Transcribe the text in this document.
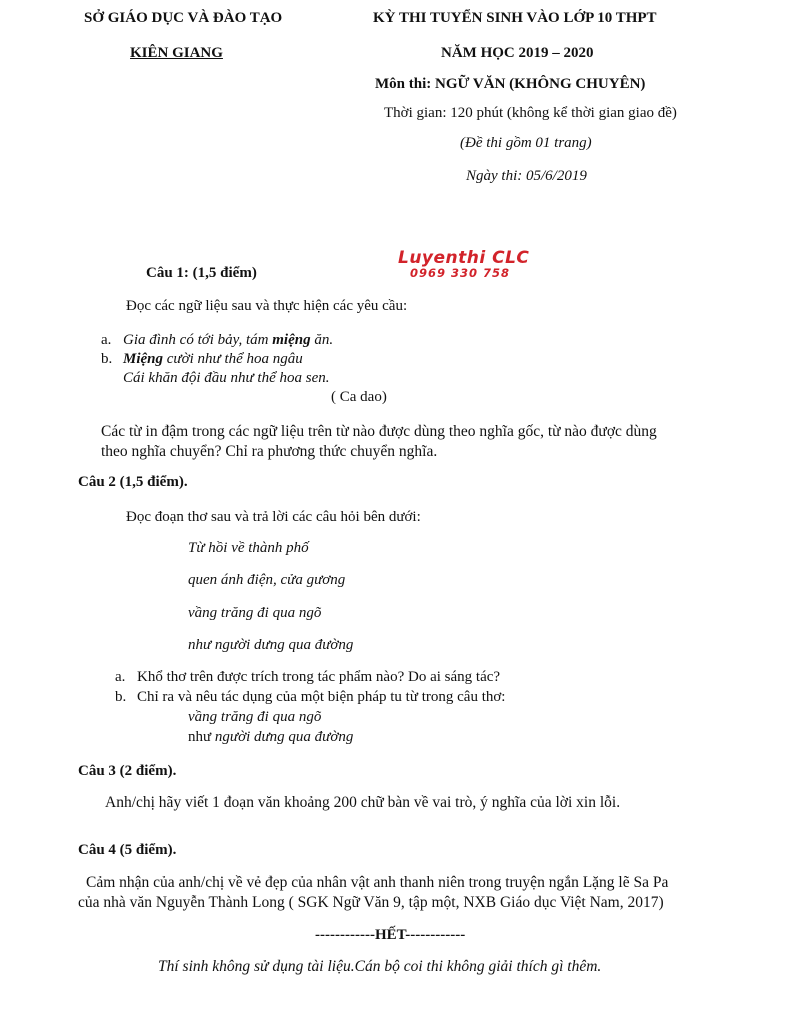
SỞ GIÁO DỤC VÀ ĐÀO TẠO
KIÊN GIANG
KỲ THI TUYỂN SINH VÀO LỚP 10 THPT
NĂM HỌC 2019 – 2020
Môn thi: NGỮ VĂN (KHÔNG CHUYÊN)
Thời gian: 120 phút (không kể thời gian giao đề)
(Đề thi gồm 01 trang)
Ngày thi: 05/6/2019
Luyenthi CLC
0969 330 758
Câu 1: (1,5 điểm)
Đọc các ngữ liệu sau và thực hiện các yêu cầu:
a. Gia đình có tới bảy, tám miệng ăn.
b. Miệng cười như thể hoa ngâu
Cái khăn đội đầu như thể hoa sen.
( Ca dao)
Các từ in đậm trong các ngữ liệu trên từ nào được dùng theo nghĩa gốc, từ nào được dùng
theo nghĩa chuyển? Chỉ ra phương thức chuyển nghĩa.
Câu 2 (1,5 điểm).
Đọc đoạn thơ sau và trả lời các câu hỏi bên dưới:
Từ hồi về thành phố
quen ánh điện, cửa gương
vầng trăng đi qua ngõ
như người dưng qua đường
a. Khổ thơ trên được trích trong tác phẩm nào? Do ai sáng tác?
b. Chỉ ra và nêu tác dụng của một biện pháp tu từ trong câu thơ:
vầng trăng đi qua ngõ
như người dưng qua đường
Câu 3 (2 điểm).
Anh/chị hãy viết 1 đoạn văn khoảng 200 chữ bàn về vai trò, ý nghĩa của lời xin lỗi.
Câu 4 (5 điểm).
Cảm nhận của anh/chị về vẻ đẹp của nhân vật anh thanh niên trong truyện ngắn Lặng lẽ Sa Pa
của nhà văn Nguyễn Thành Long ( SGK Ngữ Văn 9, tập một, NXB Giáo dục Việt Nam, 2017)
------------HẾT------------
Thí sinh không sử dụng tài liệu.Cán bộ coi thi không giải thích gì thêm.
